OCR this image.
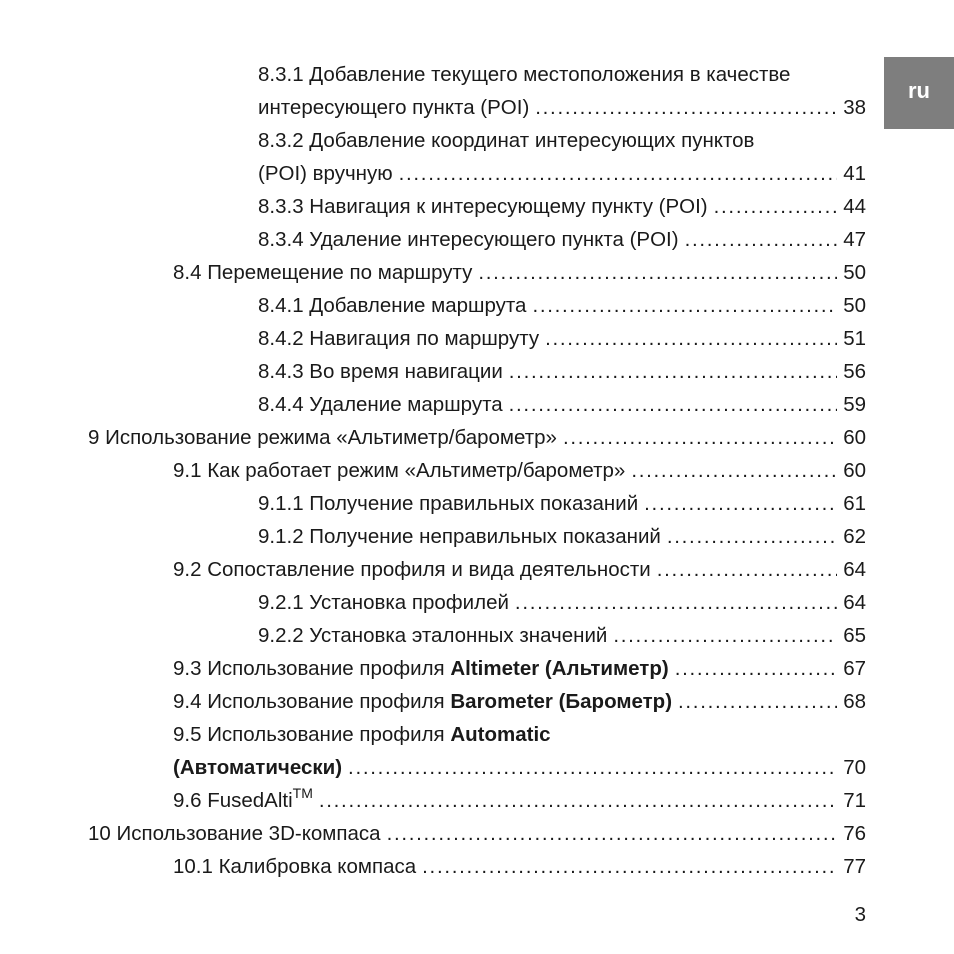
ru
8.3.1 Добавление текущего местоположения в качестве
интересующего пункта (POI) .....	38
8.3.2 Добавление координат интересующих пунктов
(POI) вручную .....	41
8.3.3 Навигация к интересующему пункту (POI) .....	44
8.3.4 Удаление интересующего пункта (POI) .....	47
8.4 Перемещение по маршруту .....	50
8.4.1 Добавление маршрута .....	50
8.4.2 Навигация по маршруту .....	51
8.4.3 Во время навигации .....	56
8.4.4 Удаление маршрута .....	59
9 Использование режима «Альтиметр/барометр» .....	60
9.1 Как работает режим «Альтиметр/барометр» .....	60
9.1.1 Получение правильных показаний .....	61
9.1.2 Получение неправильных показаний .....	62
9.2 Сопоставление профиля и вида деятельности .....	64
9.2.1 Установка профилей .....	64
9.2.2 Установка эталонных значений .....	65
9.3 Использование профиля Altimeter (Альтиметр) .....	67
9.4 Использование профиля Barometer (Барометр) .....	68
9.5 Использование профиля Automatic
(Автоматически) .....	70
9.6 FusedAlti™ .....	71
10 Использование 3D-компаса .....	76
10.1 Калибровка компаса .....	77
3
